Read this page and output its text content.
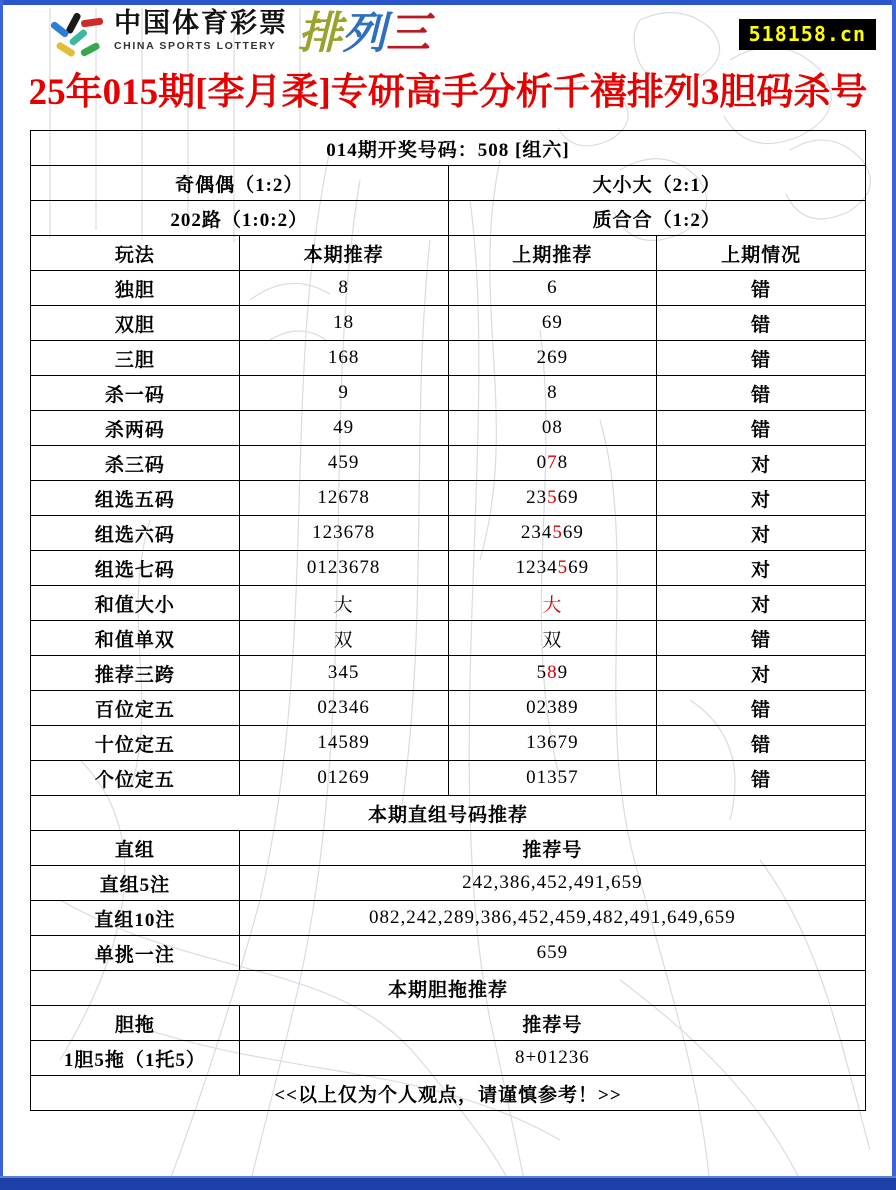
中国体育彩票
CHINA SPORTS LOTTERY 排列三	518158.cn
25年015期[李月柔]专研高手分析千禧排列3胆码杀号
014期开奖号码：508 [组六]			
奇偶偶（1:2）		大小大（2:1）	
202路（1:0:2）		质合合（1:2）	
玩法	本期推荐	上期推荐	上期情况
独胆	8	6	错
双胆	18	69	错
三胆	168	269	错
杀一码	9	8	错
杀两码	49	08	错
杀三码	459	078	对
组选五码	12678	23569	对
组选六码	123678	234569	对
组选七码	0123678	1234569	对
和值大小	大	大	对
和值单双	双	双	错
推荐三跨	345	589	对
百位定五	02346	02389	错
十位定五	14589	13679	错
个位定五	01269	01357	错
本期直组号码推荐			
直组	推荐号		
直组5注	242,386,452,491,659		
直组10注	082,242,289,386,452,459,482,491,649,659		
单挑一注	659		
本期胆拖推荐			
胆拖	推荐号		
1胆5拖（1托5）	8+01236		
<<以上仅为个人观点，请谨慎参考！>>			
